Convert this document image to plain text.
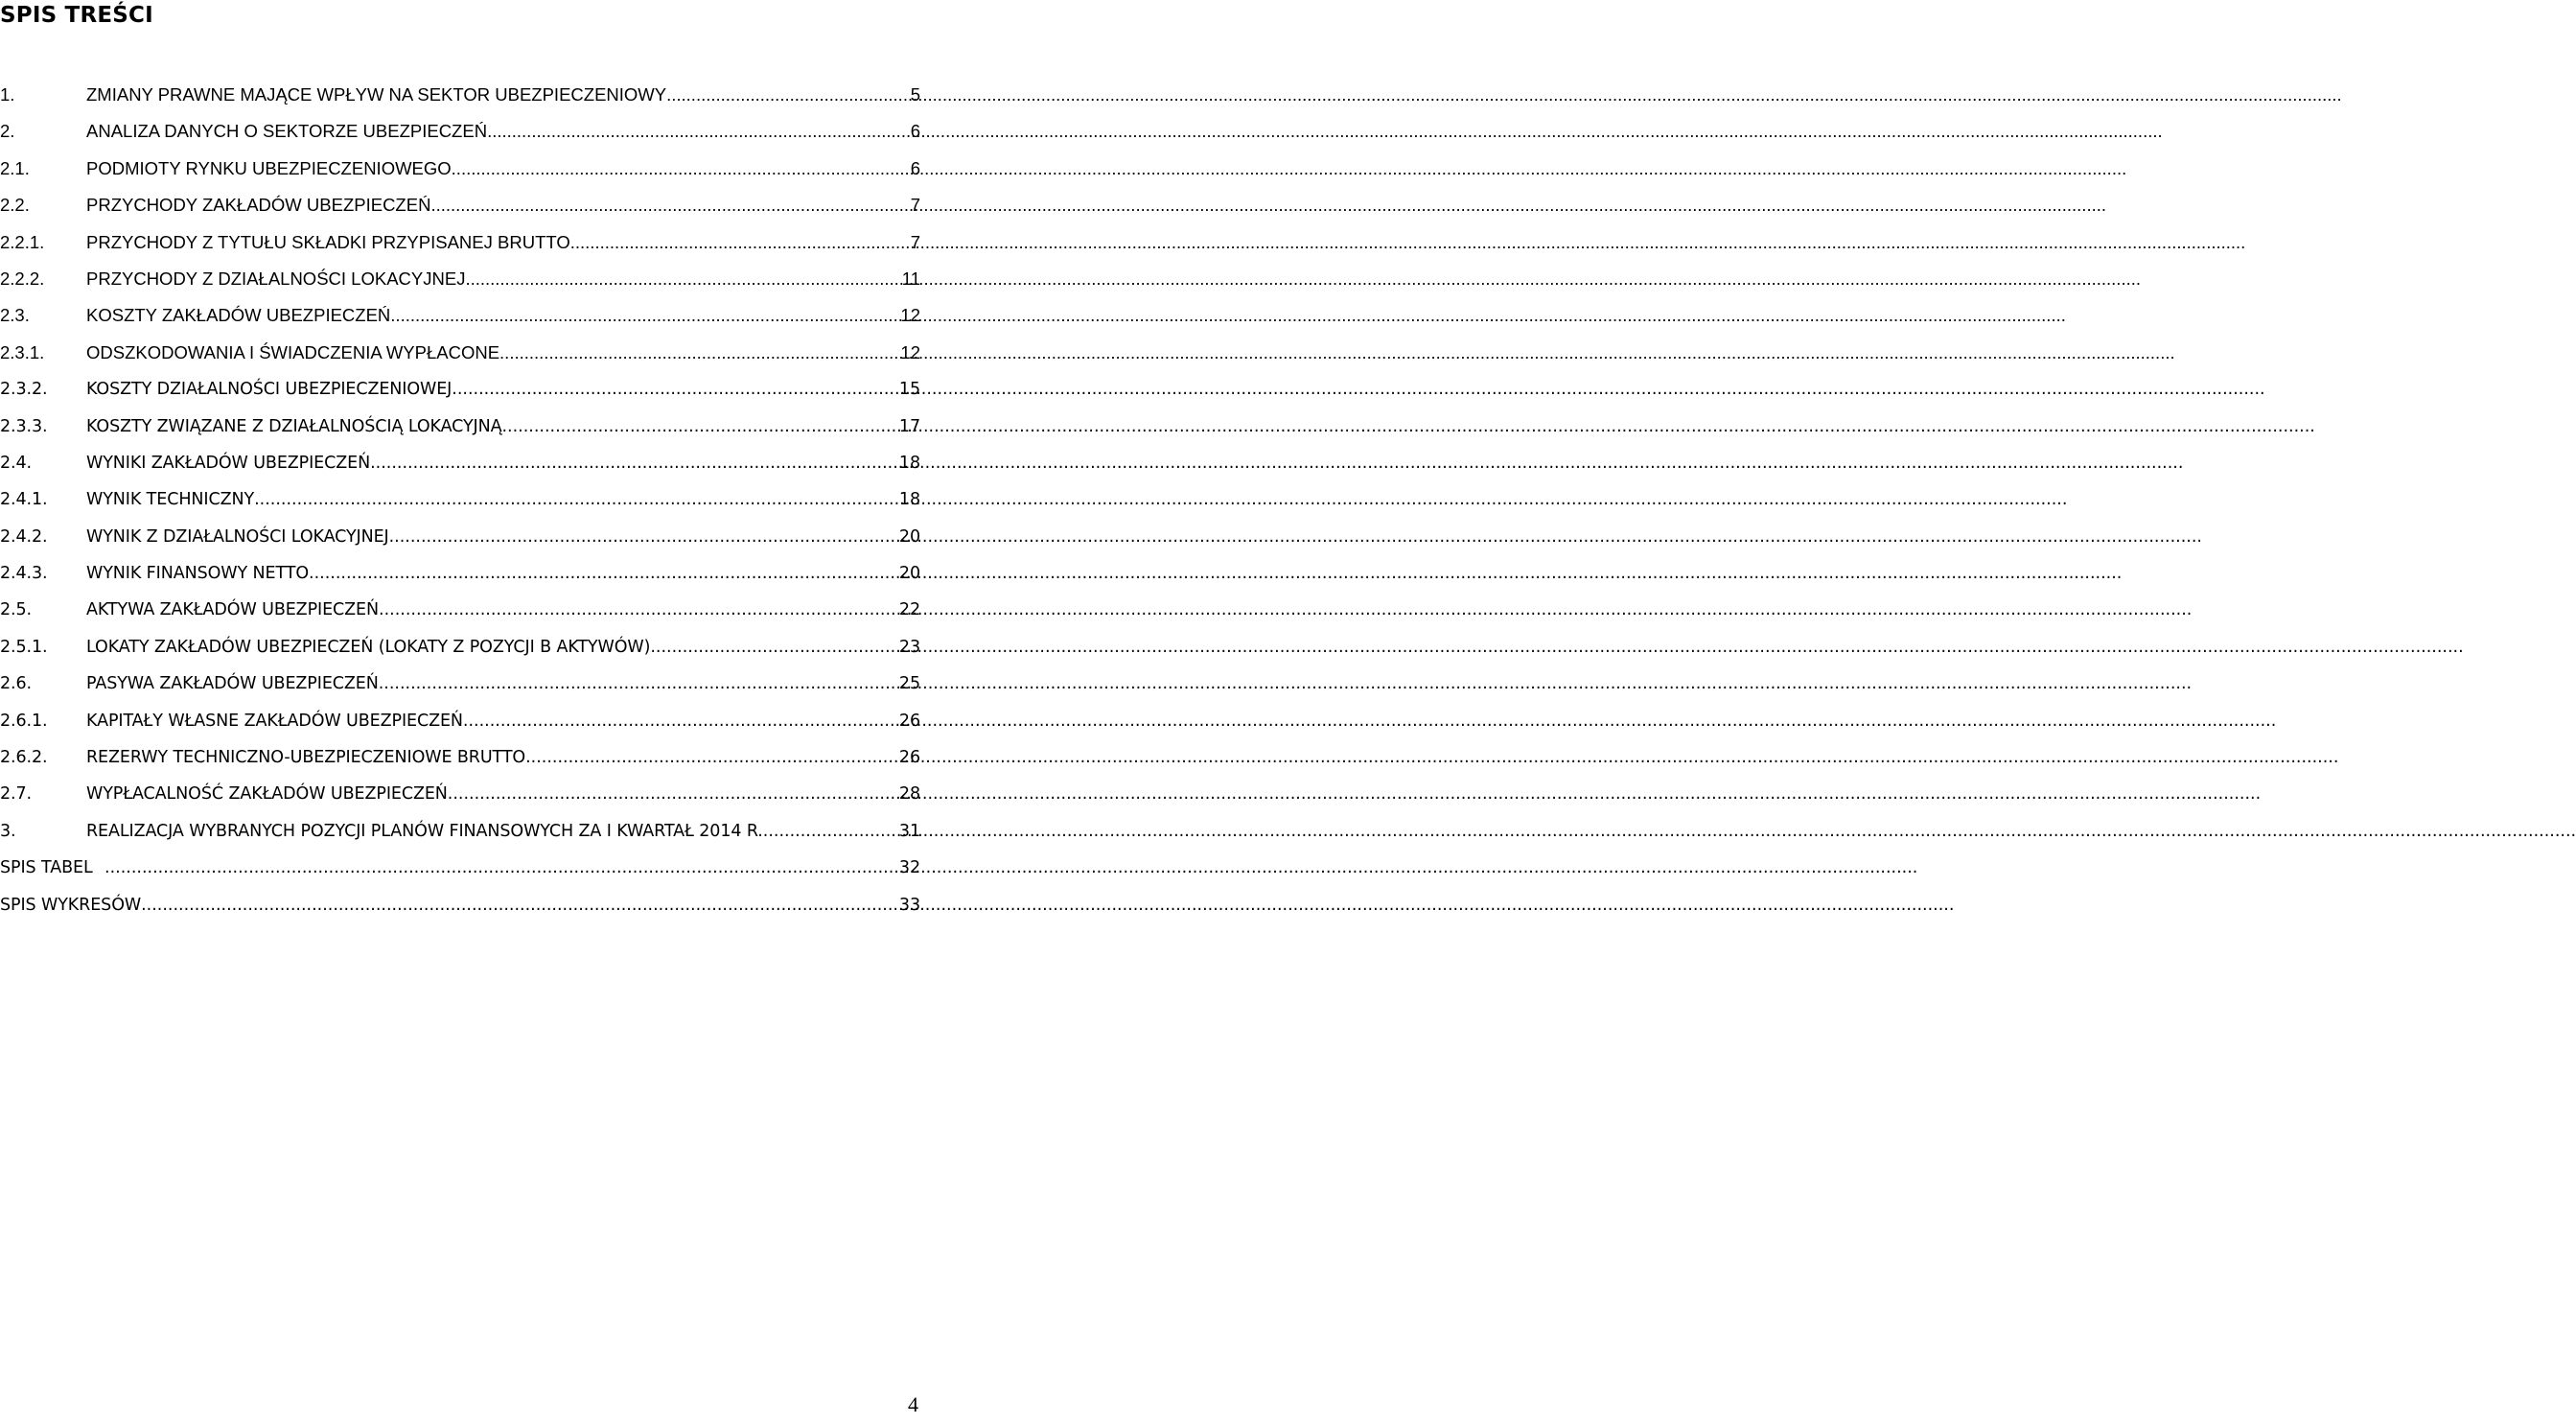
SPIS TREŚCI
1.	ZMIANY PRAWNE MAJĄCE WPŁYW NA SEKTOR UBEZPIECZENIOWY .....	5
2.	ANALIZA DANYCH O SEKTORZE UBEZPIECZEŃ .....	6
2.1.	PODMIOTY RYNKU UBEZPIECZENIOWEGO .....	6
2.2.	PRZYCHODY ZAKŁADÓW UBEZPIECZEŃ .....	7
2.2.1.	PRZYCHODY Z TYTUŁU SKŁADKI PRZYPISANEJ BRUTTO .....	7
2.2.2.	PRZYCHODY Z DZIAŁALNOŚCI LOKACYJNEJ .....	11
2.3.	KOSZTY ZAKŁADÓW UBEZPIECZEŃ .....	12
2.3.1.	ODSZKODOWANIA I ŚWIADCZENIA WYPŁACONE .....	12
2.3.2.	KOSZTY DZIAŁALNOŚCI UBEZPIECZENIOWEJ .....	15
2.3.3.	KOSZTY ZWIĄZANE Z DZIAŁALNOŚCIĄ LOKACYJNĄ .....	17
2.4.	WYNIKI ZAKŁADÓW UBEZPIECZEŃ .....	18
2.4.1.	WYNIK TECHNICZNY .....	18
2.4.2.	WYNIK Z DZIAŁALNOŚCI LOKACYJNEJ .....	20
2.4.3.	WYNIK FINANSOWY NETTO .....	20
2.5.	AKTYWA ZAKŁADÓW UBEZPIECZEŃ .....	22
2.5.1.	LOKATY ZAKŁADÓW UBEZPIECZEŃ (LOKATY Z POZYCJI B AKTYWÓW) .....	23
2.6.	PASYWA ZAKŁADÓW UBEZPIECZEŃ .....	25
2.6.1.	KAPITAŁY WŁASNE ZAKŁADÓW UBEZPIECZEŃ .....	26
2.6.2.	REZERWY TECHNICZNO-UBEZPIECZENIOWE BRUTTO .....	26
2.7.	WYPŁACALNOŚĆ ZAKŁADÓW UBEZPIECZEŃ .....	28
3.	REALIZACJA WYBRANYCH POZYCJI PLANÓW FINANSOWYCH ZA I KWARTAŁ 2014 R. .....	31
SPIS TABEL .....	32
SPIS WYKRESÓW .....	33

4
